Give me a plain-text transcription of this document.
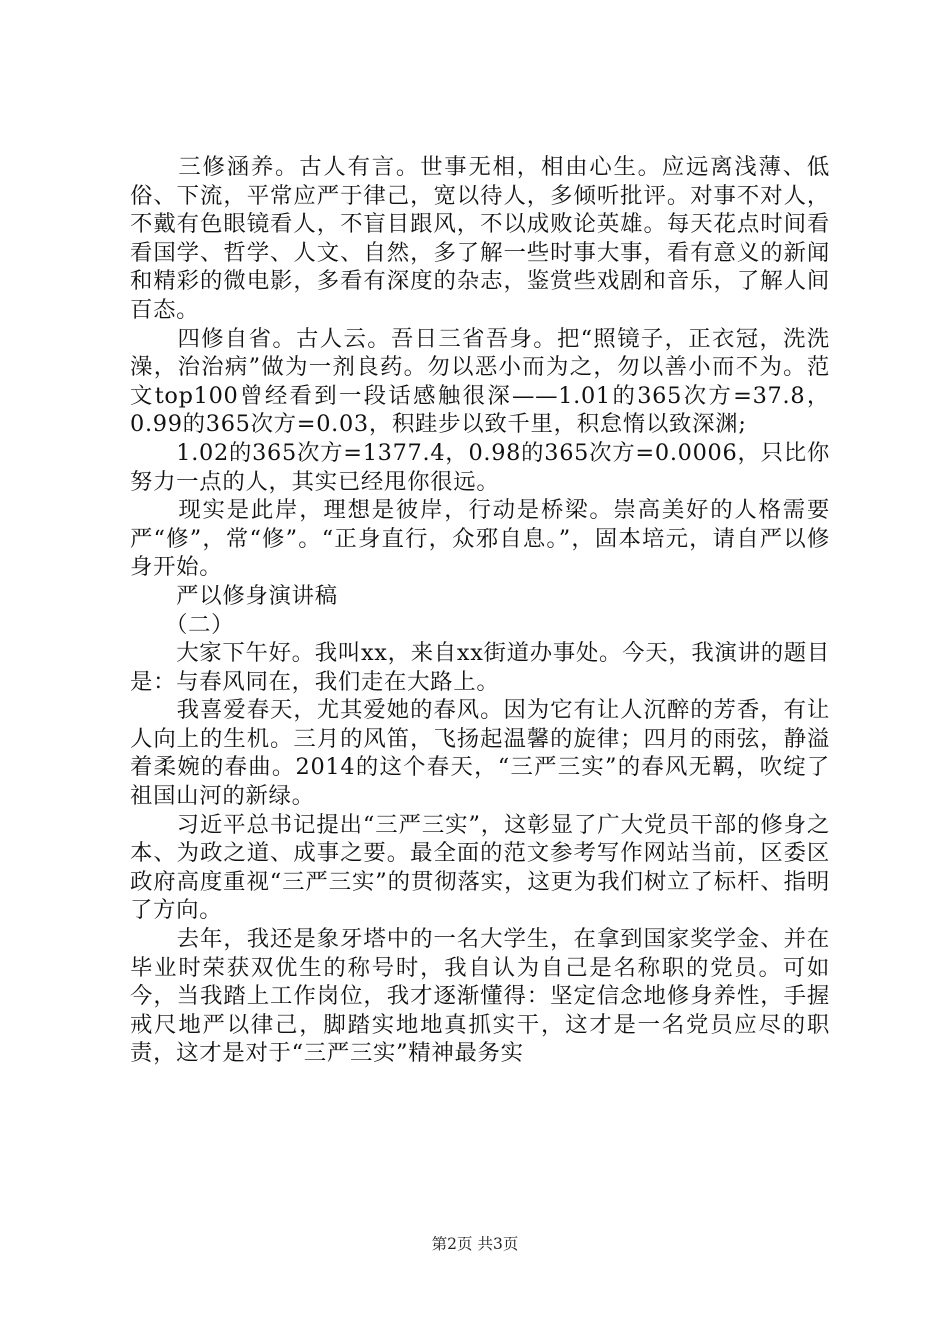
　　三修涵养。古人有言。世事无相，相由心生。应远离浅薄、低俗、下流，平常应严于律己，宽以待人，多倾听批评。对事不对人，不戴有色眼镜看人，不盲目跟风，不以成败论英雄。每天花点时间看看国学、哲学、人文、自然，多了解一些时事大事，看有意义的新闻和精彩的微电影，多看有深度的杂志，鉴赏些戏剧和音乐，了解人间百态。

　　四修自省。古人云。吾日三省吾身。把“照镜子，正衣冠，洗洗澡，治治病”做为一剂良药。勿以恶小而为之，勿以善小而不为。范文top100曾经看到一段话感触很深——1.01的365次方=37.8，0.99的365次方=0.03，积跬步以致千里，积怠惰以致深渊;

　　1.02的365次方=1377.4，0.98的365次方=0.0006，只比你努力一点的人，其实已经甩你很远。

　　现实是此岸，理想是彼岸，行动是桥梁。崇高美好的人格需要严“修”，常“修”。“正身直行，众邪自息。”，固本培元，请自严以修身开始。

　　严以修身演讲稿

　　（二）

　　大家下午好。我叫xx，来自xx街道办事处。今天，我演讲的题目是：与春风同在，我们走在大路上。

　　我喜爱春天，尤其爱她的春风。因为它有让人沉醉的芳香，有让人向上的生机。三月的风笛，飞扬起温馨的旋律；四月的雨弦，静溢着柔婉的春曲。2014的这个春天，“三严三实”的春风无羁，吹绽了祖国山河的新绿。

　　习近平总书记提出“三严三实”，这彰显了广大党员干部的修身之本、为政之道、成事之要。最全面的范文参考写作网站当前，区委区政府高度重视“三严三实”的贯彻落实，这更为我们树立了标杆、指明了方向。

　　去年，我还是象牙塔中的一名大学生，在拿到国家奖学金、并在毕业时荣获双优生的称号时，我自认为自己是名称职的党员。可如今，当我踏上工作岗位，我才逐渐懂得：坚定信念地修身养性，手握戒尺地严以律己，脚踏实地地真抓实干，这才是一名党员应尽的职责，这才是对于“三严三实”精神最务实

第2页 共3页
